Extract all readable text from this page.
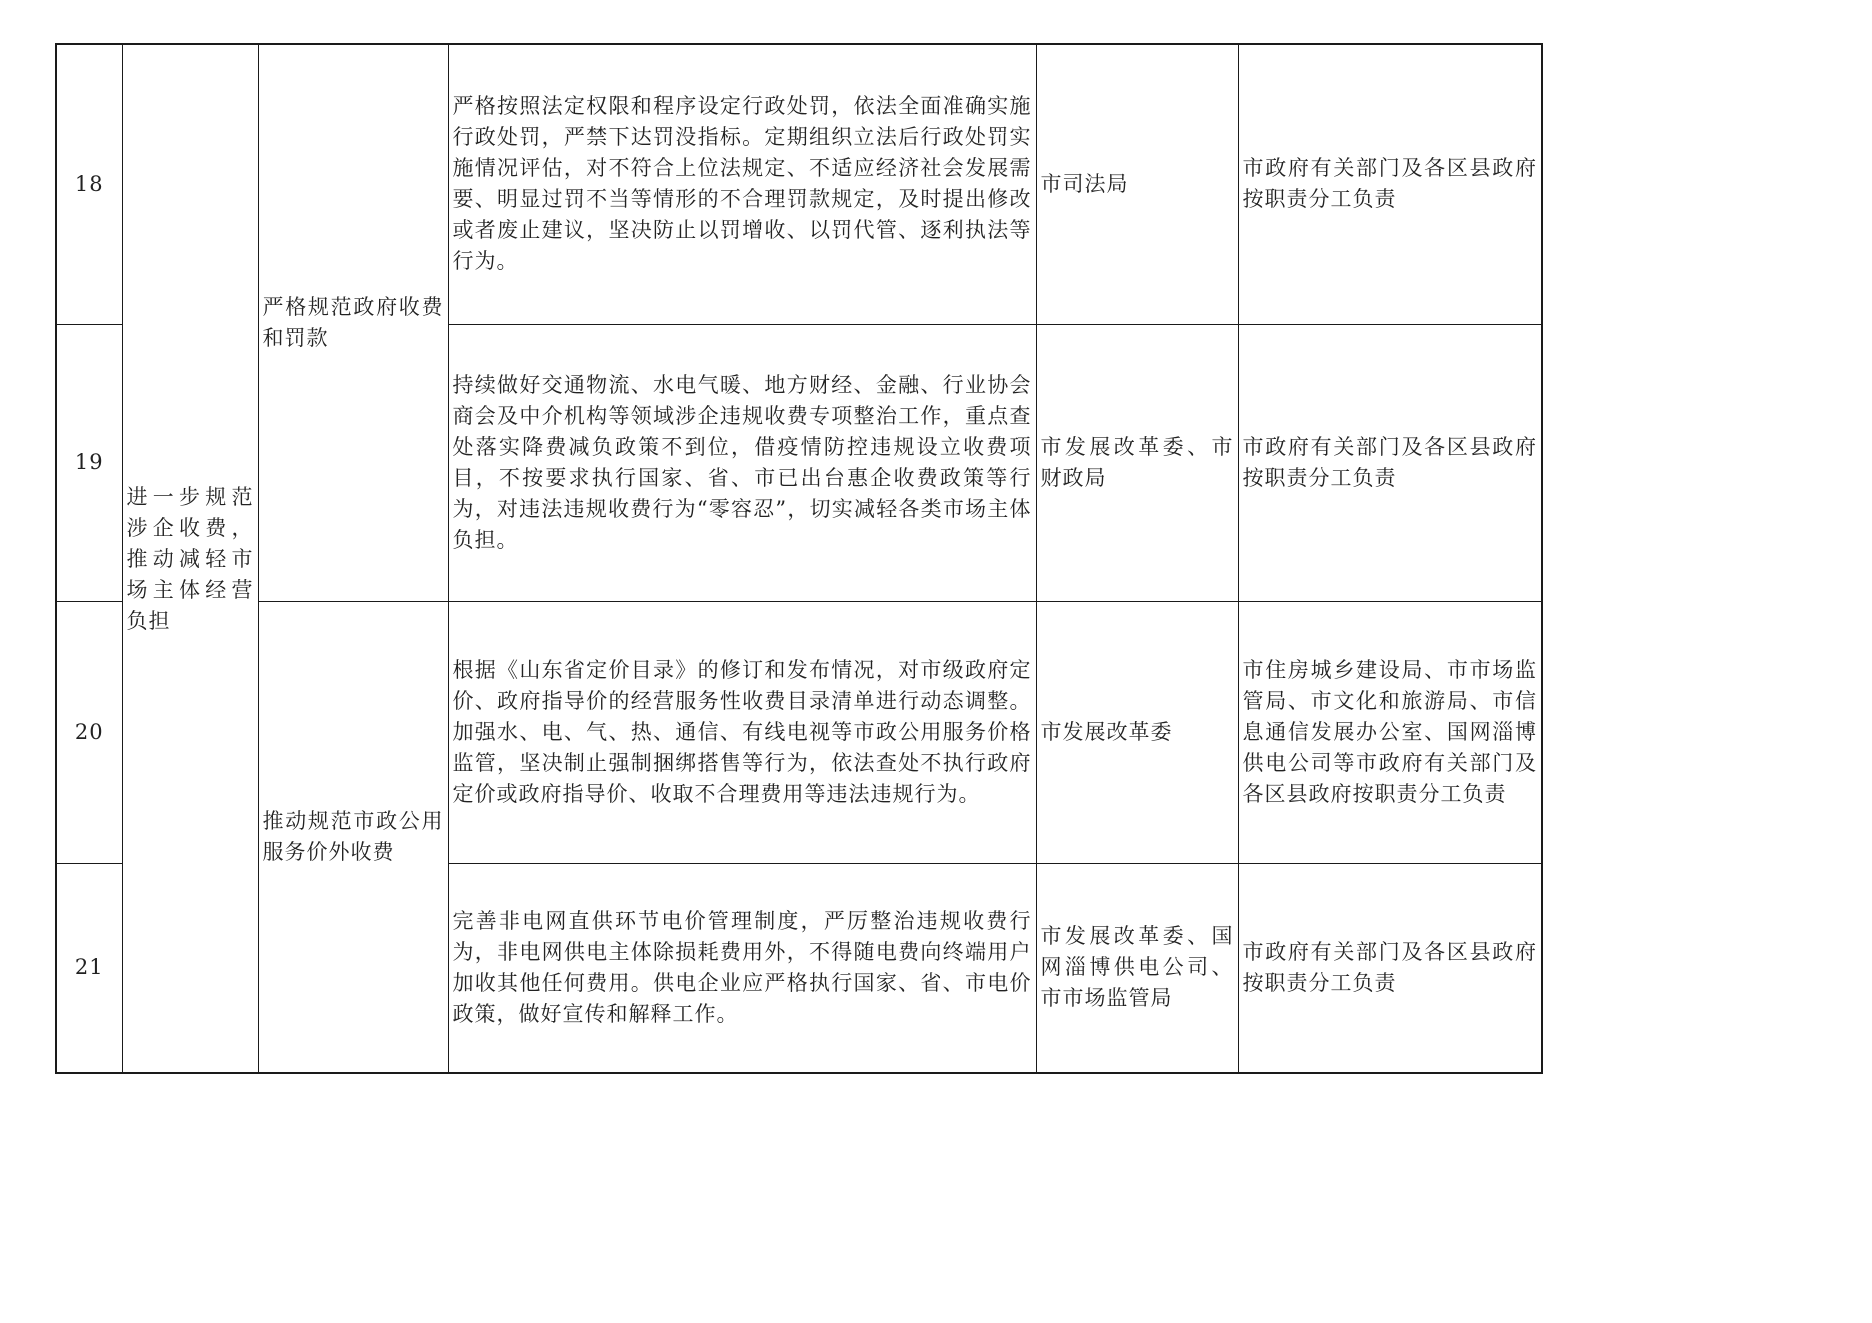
18	进一步规范涉企收费，推动减轻市场主体经营负担	严格规范政府收费和罚款	严格按照法定权限和程序设定行政处罚，依法全面准确实施行政处罚，严禁下达罚没指标。定期组织立法后行政处罚实施情况评估，对不符合上位法规定、不适应经济社会发展需要、明显过罚不当等情形的不合理罚款规定，及时提出修改或者废止建议，坚决防止以罚增收、以罚代管、逐利执法等行为。	市司法局	市政府有关部门及各区县政府按职责分工负责
19			持续做好交通物流、水电气暖、地方财经、金融、行业协会商会及中介机构等领域涉企违规收费专项整治工作，重点查处落实降费减负政策不到位，借疫情防控违规设立收费项目，不按要求执行国家、省、市已出台惠企收费政策等行为，对违法违规收费行为“零容忍”，切实减轻各类市场主体负担。	市发展改革委、市财政局	市政府有关部门及各区县政府按职责分工负责
20		推动规范市政公用服务价外收费	根据《山东省定价目录》的修订和发布情况，对市级政府定价、政府指导价的经营服务性收费目录清单进行动态调整。加强水、电、气、热、通信、有线电视等市政公用服务价格监管，坚决制止强制捆绑搭售等行为，依法查处不执行政府定价或政府指导价、收取不合理费用等违法违规行为。	市发展改革委	市住房城乡建设局、市市场监管局、市文化和旅游局、市信息通信发展办公室、国网淄博供电公司等市政府有关部门及各区县政府按职责分工负责
21			完善非电网直供环节电价管理制度，严厉整治违规收费行为，非电网供电主体除损耗费用外，不得随电费向终端用户加收其他任何费用。供电企业应严格执行国家、省、市电价政策，做好宣传和解释工作。	市发展改革委、国网淄博供电公司、市市场监管局	市政府有关部门及各区县政府按职责分工负责
